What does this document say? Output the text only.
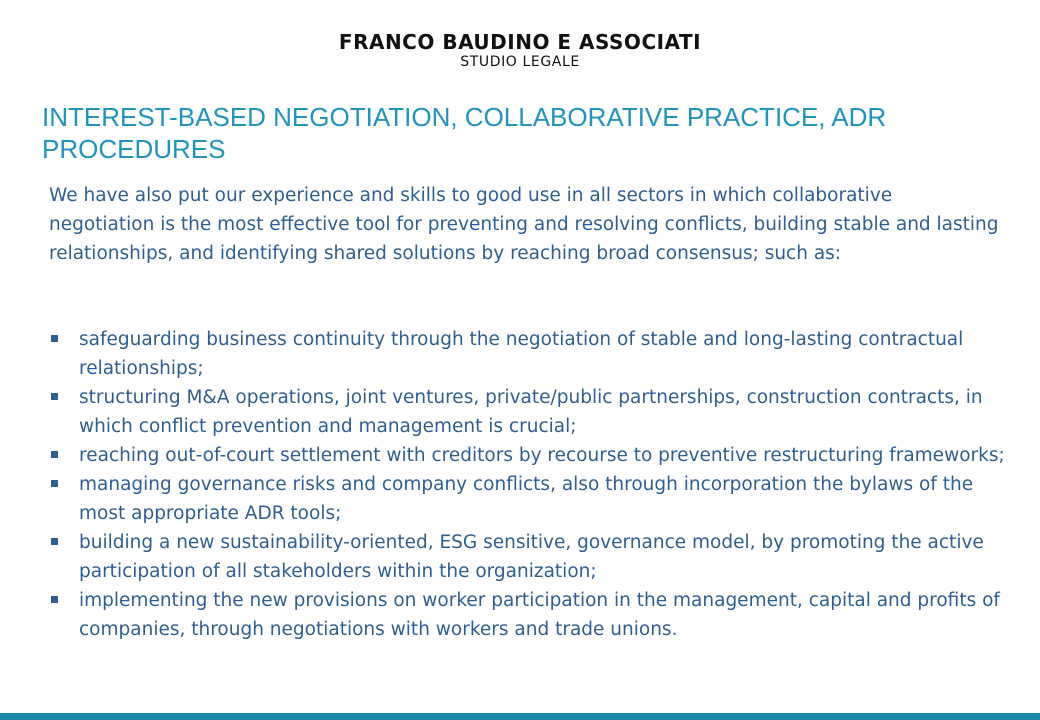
FRANCO BAUDINO E ASSOCIATI
STUDIO LEGALE
INTEREST-BASED NEGOTIATION, COLLABORATIVE PRACTICE, ADR PROCEDURES

We have also put our experience and skills to good use in all sectors in which collaborative negotiation is the most effective tool for preventing and resolving conflicts, building stable and lasting relationships, and identifying shared solutions by reaching broad consensus; such as:

safeguarding business continuity through the negotiation of stable and long-lasting contractual relationships;
structuring M&A operations, joint ventures, private/public partnerships, construction contracts, in which conflict prevention and management is crucial;
reaching out-of-court settlement with creditors by recourse to preventive restructuring frameworks;
managing governance risks and company conflicts, also through incorporation the bylaws of the most appropriate ADR tools;
building a new sustainability-oriented, ESG sensitive, governance model, by promoting the active participation of all stakeholders within the organization;
implementing the new provisions on worker participation in the management, capital and profits of companies, through negotiations with workers and trade unions.
